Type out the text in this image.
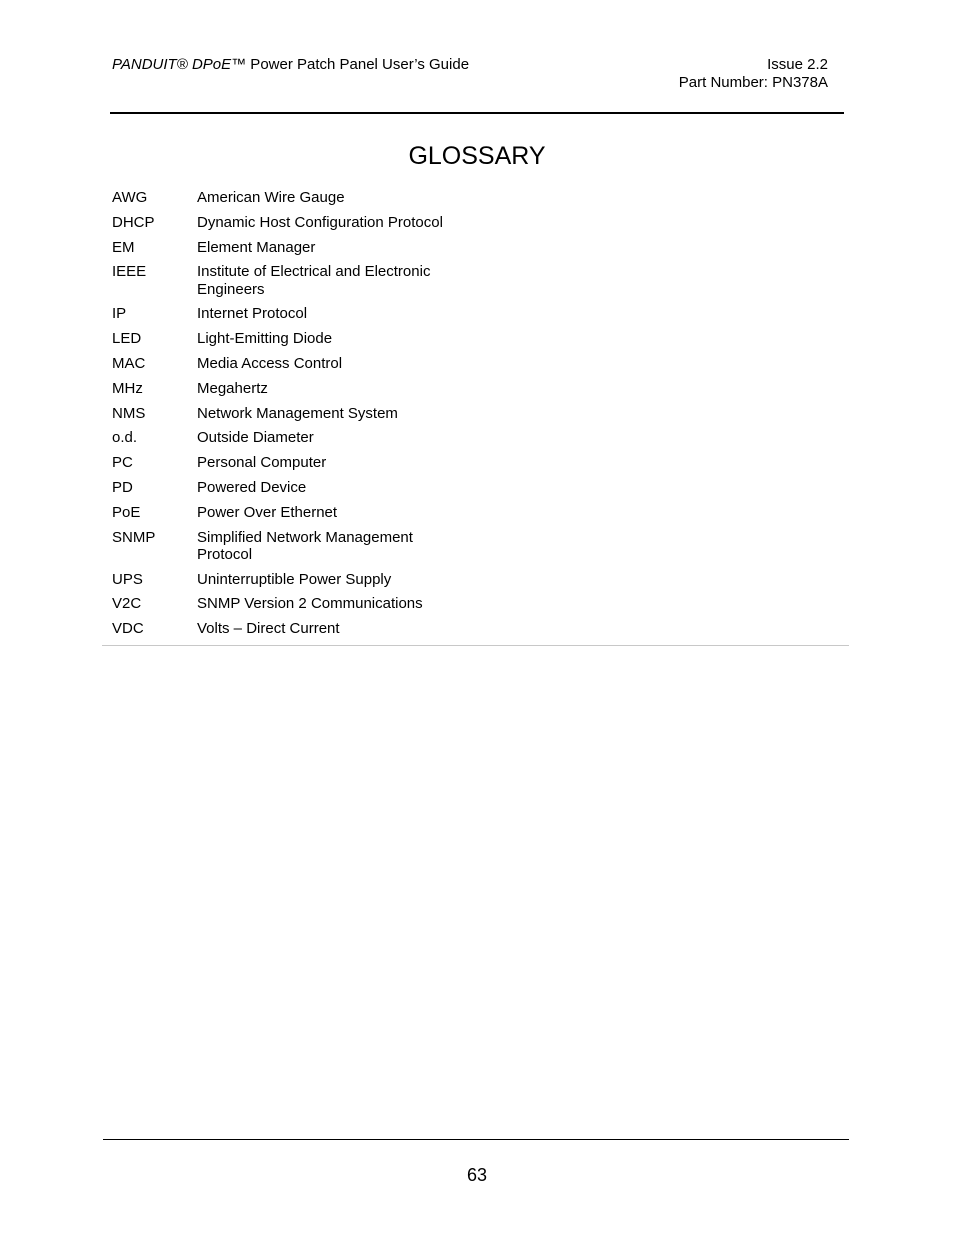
PANDUIT® DPoE™ Power Patch Panel User’s Guide	Issue 2.2
Part Number: PN378A
GLOSSARY
AWG	American Wire Gauge
DHCP	Dynamic Host Configuration Protocol
EM	Element Manager
IEEE	Institute of Electrical and Electronic Engineers
IP	Internet Protocol
LED	Light-Emitting Diode
MAC	Media Access Control
MHz	Megahertz
NMS	Network Management System
o.d.	Outside Diameter
PC	Personal Computer
PD	Powered Device
PoE	Power Over Ethernet
SNMP	Simplified Network Management Protocol
UPS	Uninterruptible Power Supply
V2C	SNMP Version 2 Communications
VDC	Volts – Direct Current
63
